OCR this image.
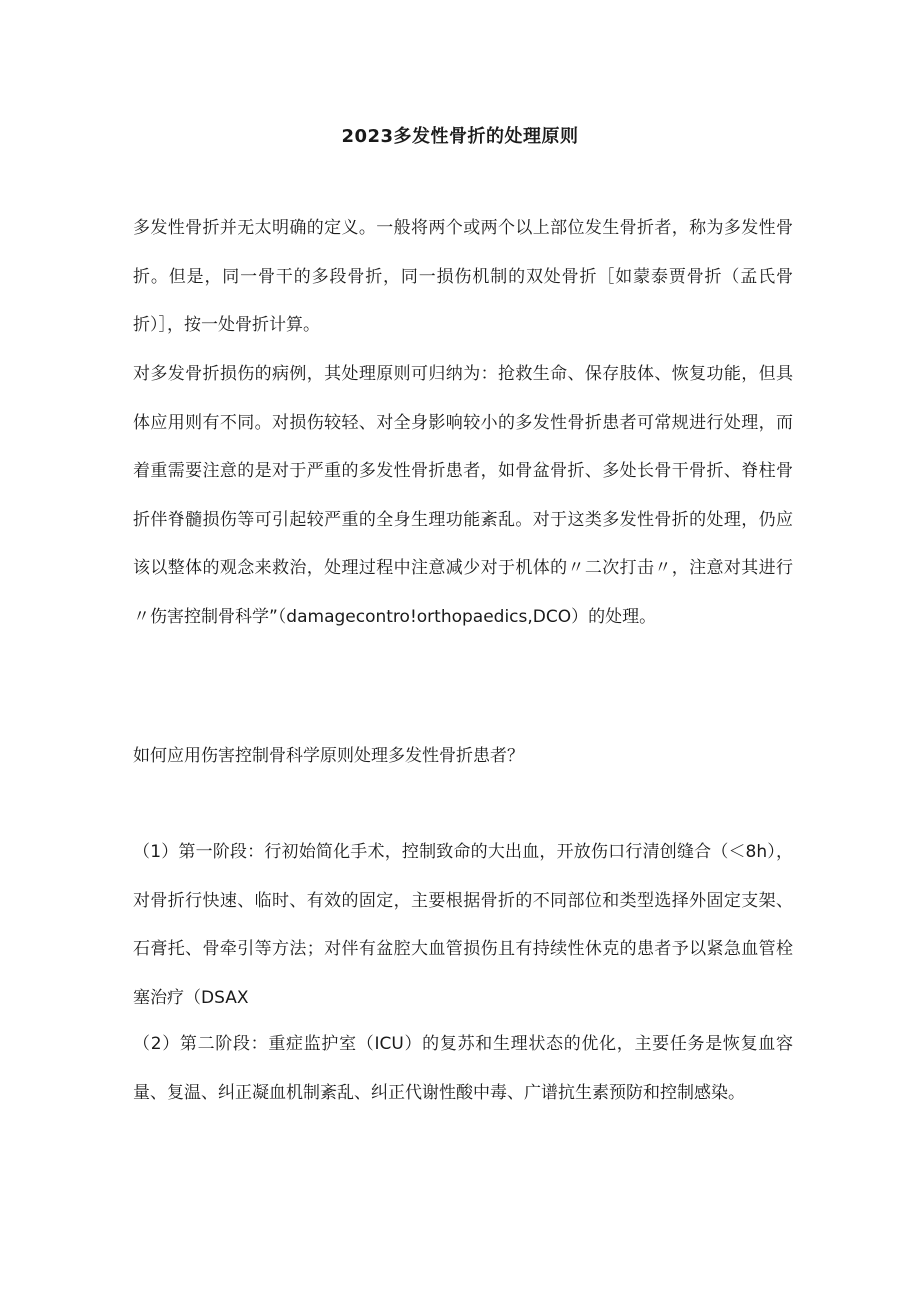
2023多发性骨折的处理原则

多发性骨折并无太明确的定义。一般将两个或两个以上部位发生骨折者，称为多发性骨折。但是，同一骨干的多段骨折，同一损伤机制的双处骨折［如蒙泰贾骨折（孟氏骨折）］，按一处骨折计算。

对多发骨折损伤的病例，其处理原则可归纳为：抢救生命、保存肢体、恢复功能，但具体应用则有不同。对损伤较轻、对全身影响较小的多发性骨折患者可常规进行处理，而着重需要注意的是对于严重的多发性骨折患者，如骨盆骨折、多处长骨干骨折、脊柱骨折伴脊髓损伤等可引起较严重的全身生理功能紊乱。对于这类多发性骨折的处理，仍应该以整体的观念来救治，处理过程中注意减少对于机体的〃二次打击〃，注意对其进行〃伤害控制骨科学”（damagecontro!orthopaedics,DCO）的处理。

如何应用伤害控制骨科学原则处理多发性骨折患者？

（1）第一阶段：行初始简化手术，控制致命的大出血，开放伤口行清创缝合（＜8h），对骨折行快速、临时、有效的固定，主要根据骨折的不同部位和类型选择外固定支架、石膏托、骨牵引等方法；对伴有盆腔大血管损伤且有持续性休克的患者予以紧急血管栓塞治疗（DSAX

（2）第二阶段：重症监护室（ICU）的复苏和生理状态的优化，主要任务是恢复血容量、复温、纠正凝血机制紊乱、纠正代谢性酸中毒、广谱抗生素预防和控制感染。
